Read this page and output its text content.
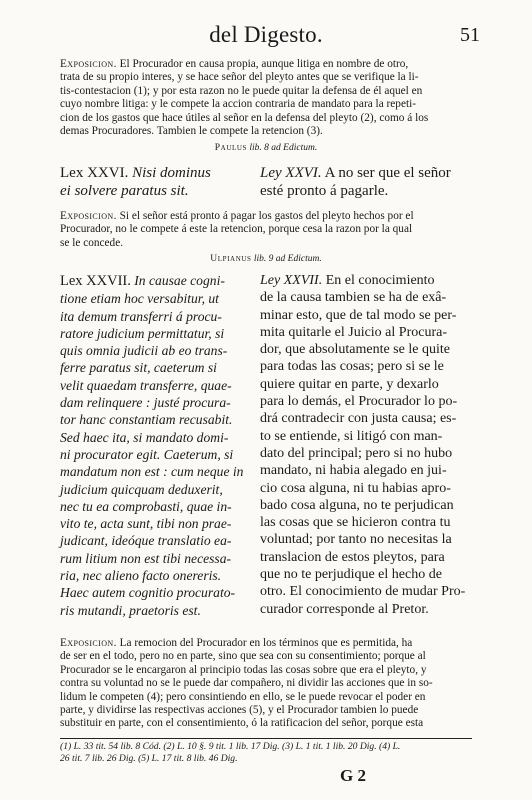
del Digesto.	51
Exposicion. El Procurador en causa propia, aunque litiga en nombre de otro,
trata de su propio interes, y se hace señor del pleyto antes que se verifique la li-
tis-contestacion (1); y por esta razon no le puede quitar la defensa de él aquel en
cuyo nombre litiga: y le compete la accion contraria de mandato para la repeti-
cion de los gastos que hace útiles al señor en la defensa del pleyto (2), como á los
demas Procuradores. Tambien le compete la retencion (3).
Paulus lib. 8 ad Edictum.
Lex XXVI. Nisi dominus
ei solvere paratus sit.
Ley XXVI. A no ser que el señor
esté pronto á pagarle.
Exposicion. Si el señor está pronto á pagar los gastos del pleyto hechos por el
Procurador, no le compete á este la retencion, porque cesa la razon por la qual
se le concede.
Ulpianus lib. 9 ad Edictum.
Lex XXVII. In causae cogni-
tione etiam hoc versabitur, ut
ita demum transferri á procu-
ratore judicium permittatur, si
quis omnia judicii ab eo trans-
ferre paratus sit, caeterum si
velit quaedam transferre, quae-
dam relinquere : justé procura-
tor hanc constantiam recusabit.
Sed haec ita, si mandato domi-
ni procurator egit. Caeterum, si
mandatum non est : cum neque in
judicium quicquam deduxerit,
nec tu ea comprobasti, quae in-
vito te, acta sunt, tibi non prae-
judicant, ideóque translatio ea-
rum litium non est tibi necessa-
ria, nec alieno facto onereris.
Haec autem cognitio procurato-
ris mutandi, praetoris est.
Ley XXVII. En el conocimiento
de la causa tambien se ha de exâ-
minar esto, que de tal modo se per-
mita quitarle el Juicio al Procura-
dor, que absolutamente se le quite
para todas las cosas; pero si se le
quiere quitar en parte, y dexarlo
para lo demás, el Procurador lo po-
drá contradecir con justa causa; es-
to se entiende, si litigó con man-
dato del principal; pero si no hubo
mandato, ni habia alegado en jui-
cio cosa alguna, ni tu habias apro-
bado cosa alguna, no te perjudican
las cosas que se hicieron contra tu
voluntad; por tanto no necesitas la
translacion de estos pleytos, para
que no te perjudique el hecho de
otro. El conocimiento de mudar Pro-
curador corresponde al Pretor.
Exposicion. La remocion del Procurador en los términos que es permitida, ha
de ser en el todo, pero no en parte, sino que sea con su consentimiento; porque al
Procurador se le encargaron al principio todas las cosas sobre que era el pleyto, y
contra su voluntad no se le puede dar compañero, ni dividir las acciones que in so-
lidum le competen (4); pero consintiendo en ello, se le puede revocar el poder en
parte, y dividirse las respectivas acciones (5), y el Procurador tambien lo puede
substituir en parte, con el consentimiento, ó la ratificacion del señor, porque esta
(1) L. 33 tit. 54 lib. 8 Cód. (2) L. 10 §. 9 tit. 1 lib. 17 Dig. (3) L. 1 tit. 1 lib. 20 Dig. (4) L.
26 tit. 7 lib. 26 Dig. (5) L. 17 tit. 8 lib. 46 Dig.
G 2
